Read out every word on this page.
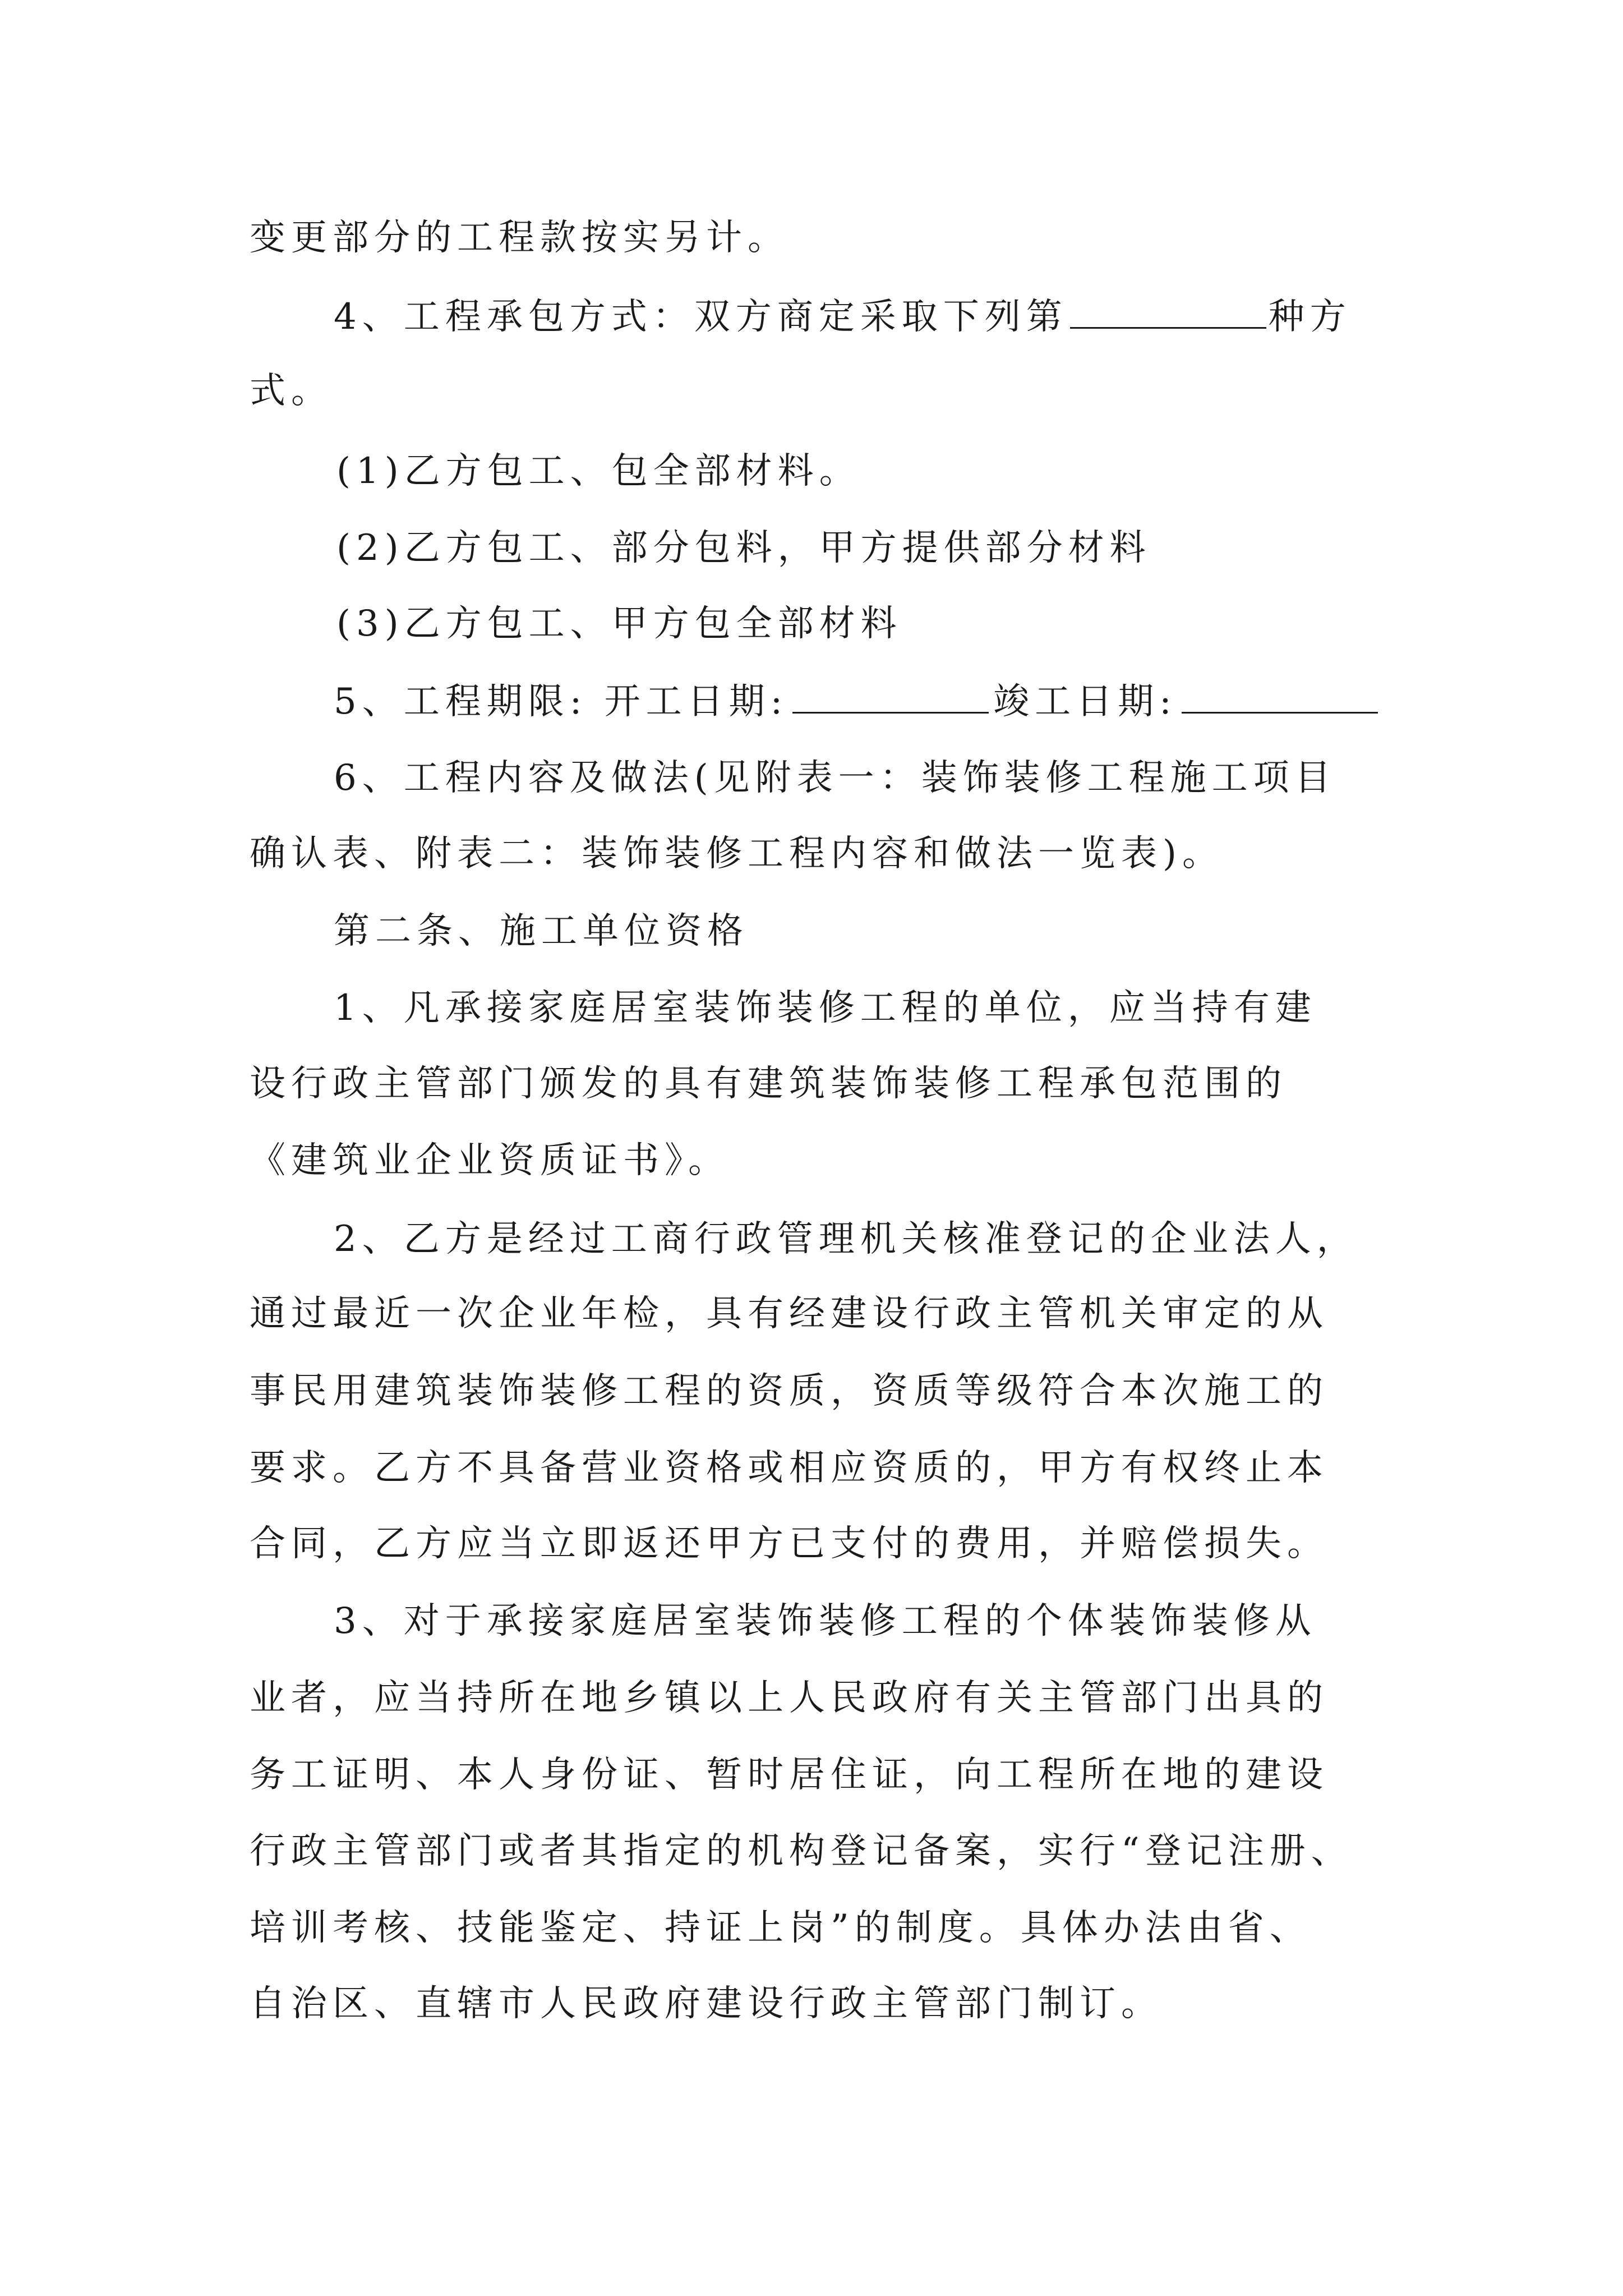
变更部分的工程款按实另计。
4、工程承包方式：双方商定采取下列第	种方
式。
(1)乙方包工、包全部材料。
(2)乙方包工、部分包料，甲方提供部分材料
(3)乙方包工、甲方包全部材料
5、工程期限: 开工日期:	竣工日期:
6、工程内容及做法(见附表一：装饰装修工程施工项目
确认表、附表二：装饰装修工程内容和做法一览表)。
第二条、施工单位资格
1、凡承接家庭居室装饰装修工程的单位，应当持有建
设行政主管部门颁发的具有建筑装饰装修工程承包范围的
《建筑业企业资质证书》。
2、乙方是经过工商行政管理机关核准登记的企业法人，
通过最近一次企业年检，具有经建设行政主管机关审定的从
事民用建筑装饰装修工程的资质，资质等级符合本次施工的
要求。乙方不具备营业资格或相应资质的，甲方有权终止本
合同，乙方应当立即返还甲方已支付的费用，并赔偿损失。
3、对于承接家庭居室装饰装修工程的个体装饰装修从
业者，应当持所在地乡镇以上人民政府有关主管部门出具的
务工证明、本人身份证、暂时居住证，向工程所在地的建设
行政主管部门或者其指定的机构登记备案，实行“登记注册、
培训考核、技能鉴定、持证上岗”的制度。具体办法由省、
自治区、直辖市人民政府建设行政主管部门制订。
